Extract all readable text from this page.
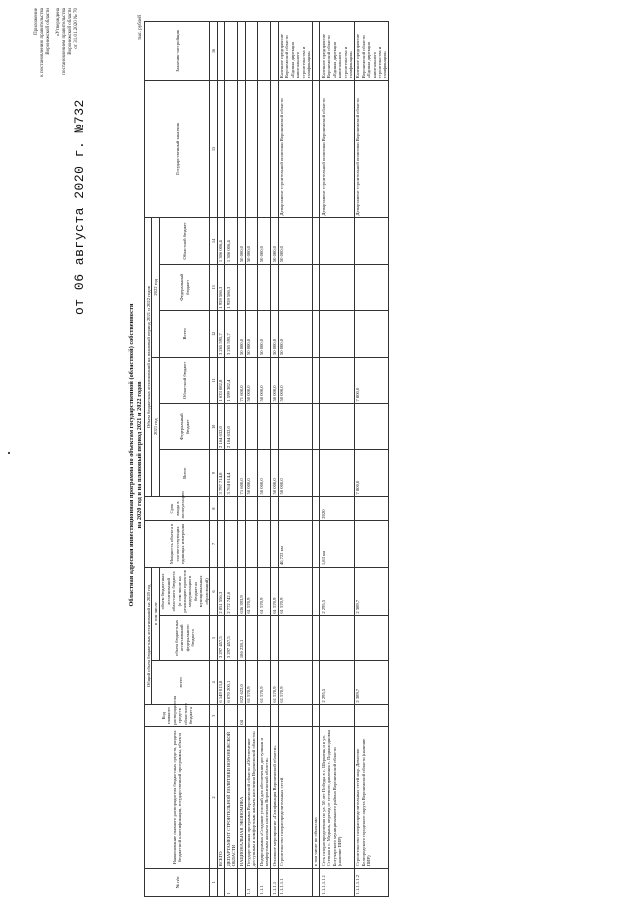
Приложение к постановлению правительства Воронежской области «Утверждена постановлением правительства Воронежской области от 31.01.2020 № 70
от 06 августа 2020 г. №732
Областная адресная инвестиционная программа по объектам государственной (областной) собственности на 2020 год и на плановый период 2021 и 2022 годов
тыс. рублей
№ п/п	Наименование главного распорядителя бюджетных средств, раздела бюджетной классификации, государственной программы, объекта	Код главного распорядителя средств областного бюджета	Общий объем бюджетных ассигнований на 2020 год			Мощность объекта в соответствующих единицах измерения	Срок ввода в эксплуатацию	Объем бюджетных ассигнований на плановый период 2021 и 2022 годов						Государственный заказчик	Заказчик-застройщик
			всего	в том числе				2021 год			2022 год				
				объем бюджетных ассигнований федерального бюджета	объем бюджетных ассигнований областного бюджета (в том числе на реализацию проектов модернизации в бюджетах муниципальных образований)			Всего	Федеральный бюджет	Областной бюджет	Всего	Федеральный бюджет	Областной бюджет		
1	2	3	4	5	6	7	8	9	10	11	12	13	14	15	16
	ВСЕГО		6 149 013,8	3 297 457,5	2 851 556,3			3 797 714,8	2 164 632,0	1 633 082,8	3 265 595,7	1 959 586,3	1 306 006,4		
1	ДЕПАРТАМЕНТ СТРОИТЕЛЬНОЙ ПОЛИТИКИ ВОРОНЕЖСКОЙ ОБЛАСТИ		6 070 200,1	3 297 457,5	2 772 742,6			3 764 014,4	2 164 632,0	1 599 382,4	3 265 595,7	1 959 586,3	1 306 006,4		
	НАЦИОНАЛЬНАЯ ЭКОНОМИКА	04	822 622,0	186 228,1	636 393,9			71 600,0		71 600,0	50 000,0		50 000,0		
1.1	Государственная программа Воронежской области «Обеспечение доступным и комфортным жильем населения Воронежской области»		61 570,9		61 570,9			50 000,0		50 000,0	50 000,0		50 000,0		
1.1.1	Подпрограмма «Создание условий для обеспечения доступным и комфортным жильем населения Воронежской области»		61 570,9		61 570,9			50 000,0		50 000,0	50 000,0		50 000,0		
1.1.1.1	Основное мероприятие «Газификация Воронежской области»		61 570,9		61 570,9			50 000,0		50 000,0	50 000,0		50 000,0		
1.1.1.1.1	Строительство газораспределительных сетей		61 570,9		61 570,9	40,722 км		50 000,0		50 000,0	50 000,0		50 000,0	Департамент строительной политики Воронежской области	Казенное предприятие Воронежской области «Единая дирекция капитального строительства и газификации»
	в том числе по объектам:														
1.1.1.1.1.1	Сеть газораспределения по ул. 50 лет Победы в с. Шершень и в ул. Степная в с. Медынь, переход от сетевого давления с. Подколодновка Богучарского муниципального района Воронежской области (наличие ПИР)		2 295,5		2 295,5	1,83 км	2020							Департамент строительной политики Воронежской области	Казенное предприятие Воронежской области «Единая дирекция капитального строительства и газификации»
1.1.1.1.1.2	Строительство газораспределительных сетей мкр. Девятово Белгородского городского округа Воронежской области (наличие ПИР)		2 389,7		2 389,7			7 800,0		7 800,0				Департамент строительной политики Воронежской области	Казенное предприятие Воронежской области «Единая дирекция капитального строительства и газификации»
